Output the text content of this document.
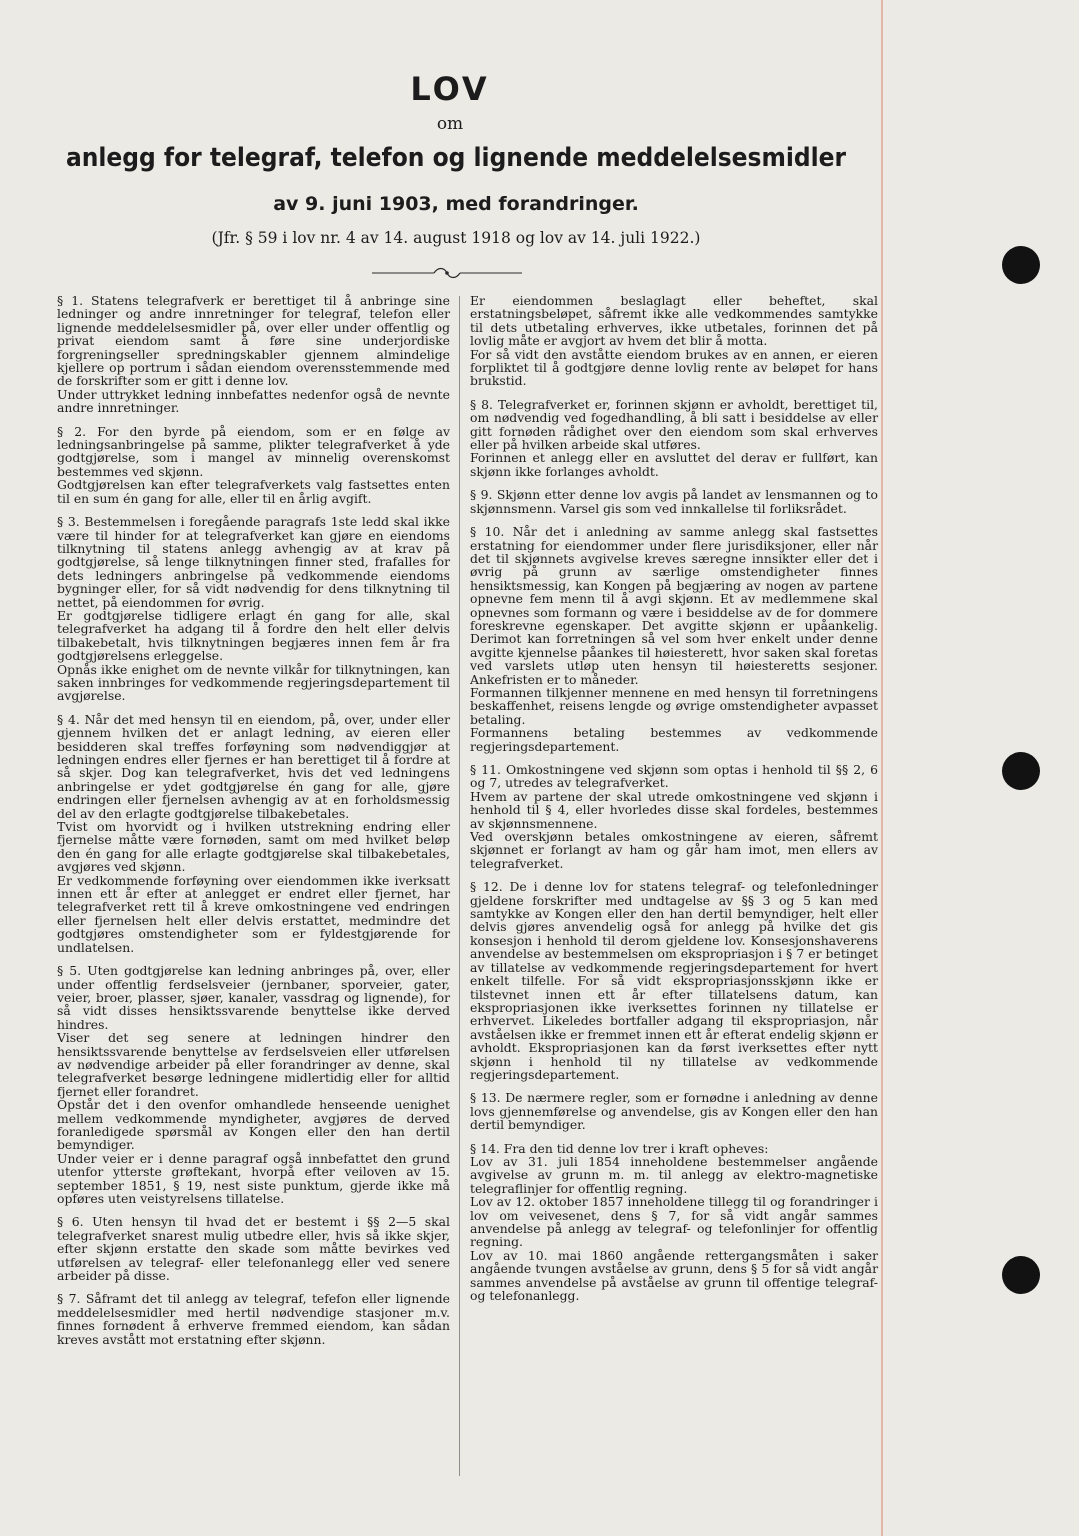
LOV
om
anlegg for telegraf, telefon og lignende meddelelsesmidler
av 9. juni 1903, med forandringer.
(Jfr. § 59 i lov nr. 4 av 14. august 1918 og lov av 14. juli 1922.)

§ 1. Statens telegrafverk er berettiget til å anbringe sine ledninger og andre innretninger for telegraf, telefon eller lignende meddelelsesmidler på, over eller under offentlig og privat eiendom samt å føre sine underjordiske forgreningseller spredningskabler gjennem almindelige kjellere op portrum i sådan eiendom overensstemmende med de forskrifter som er gitt i denne lov.

Under uttrykket ledning innbefattes nedenfor også de nevnte andre innretninger.

§ 2. For den byrde på eiendom, som er en følge av ledningsanbringelse på samme, plikter telegrafverket å yde godtgjørelse, som i mangel av minnelig overenskomst bestemmes ved skjønn.

Godtgjørelsen kan efter telegrafverkets valg fastsettes enten til en sum én gang for alle, eller til en årlig avgift.

§ 3. Bestemmelsen i foregående paragrafs 1ste ledd skal ikke være til hinder for at telegrafverket kan gjøre en eiendoms tilknytning til statens anlegg avhengig av at krav på godtgjørelse, så lenge tilknytningen finner sted, frafalles for dets ledningers anbringelse på vedkommende eiendoms bygninger eller, for så vidt nødvendig for dens tilknytning til nettet, på eiendommen for øvrig.

Er godtgjørelse tidligere erlagt én gang for alle, skal telegrafverket ha adgang til å fordre den helt eller delvis tilbakebetalt, hvis tilknytningen begjæres innen fem år fra godtgjørelsens erleggelse.

Opnås ikke enighet om de nevnte vilkår for tilknytningen, kan saken innbringes for vedkommende regjeringsdepartement til avgjørelse.

§ 4. Når det med hensyn til en eiendom, på, over, under eller gjennem hvilken det er anlagt ledning, av eieren eller besidderen skal treffes forføyning som nødvendiggjør at ledningen endres eller fjernes er han berettiget til å fordre at så skjer. Dog kan telegrafverket, hvis det ved ledningens anbringelse er ydet godtgjørelse én gang for alle, gjøre endringen eller fjernelsen avhengig av at en forholdsmessig del av den erlagte godtgjørelse tilbakebetales.

Tvist om hvorvidt og i hvilken utstrekning endring eller fjernelse måtte være fornøden, samt om med hvilket beløp den én gang for alle erlagte godtgjørelse skal tilbakebetales, avgjøres ved skjønn.

Er vedkommende forføyning over eiendommen ikke iverksatt innen ett år efter at anlegget er endret eller fjernet, har telegrafverket rett til å kreve omkostningene ved endringen eller fjernelsen helt eller delvis erstattet, medmindre det godtgjøres omstendigheter som er fyldestgjørende for undlatelsen.

§ 5. Uten godtgjørelse kan ledning anbringes på, over, eller under offentlig ferdselsveier (jernbaner, sporveier, gater, veier, broer, plasser, sjøer, kanaler, vassdrag og lignende), for så vidt disses hensiktssvarende benyttelse ikke derved hindres.

Viser det seg senere at ledningen hindrer den hensiktssvarende benyttelse av ferdselsveien eller utførelsen av nødvendige arbeider på eller forandringer av denne, skal telegrafverket besørge ledningene midlertidig eller for alltid fjernet eller forandret.

Opstår det i den ovenfor omhandlede henseende uenighet mellem vedkommende myndigheter, avgjøres de derved foranledigede spørsmål av Kongen eller den han dertil bemyndiger.

Under veier er i denne paragraf også innbefattet den grund utenfor ytterste grøftekant, hvorpå efter veiloven av 15. september 1851, § 19, nest siste punktum, gjerde ikke må opføres uten veistyrelsens tillatelse.

§ 6. Uten hensyn til hvad det er bestemt i §§ 2—5 skal telegrafverket snarest mulig utbedre eller, hvis så ikke skjer, efter skjønn erstatte den skade som måtte bevirkes ved utførelsen av telegraf- eller telefonanlegg eller ved senere arbeider på disse.

§ 7. Såframt det til anlegg av telegraf, tefefon eller lignende meddelelsesmidler med hertil nødvendige stasjoner m.v. finnes fornødent å erhverve fremmed eiendom, kan sådan kreves avstått mot erstatning efter skjønn.

Er eiendommen beslaglagt eller beheftet, skal erstatningsbeløpet, såfremt ikke alle vedkommendes samtykke til dets utbetaling erhverves, ikke utbetales, forinnen det på lovlig måte er avgjort av hvem det blir å motta.

For så vidt den avståtte eiendom brukes av en annen, er eieren forpliktet til å godtgjøre denne lovlig rente av beløpet for hans brukstid.

§ 8. Telegrafverket er, forinnen skjønn er avholdt, berettiget til, om nødvendig ved fogedhandling, å bli satt i besiddelse av eller gitt fornøden rådighet over den eiendom som skal erhverves eller på hvilken arbeide skal utføres.

Forinnen et anlegg eller en avsluttet del derav er fullført, kan skjønn ikke forlanges avholdt.

§ 9. Skjønn etter denne lov avgis på landet av lensmannen og to skjønnsmenn. Varsel gis som ved innkallelse til forliksrådet.

§ 10. Når det i anledning av samme anlegg skal fastsettes erstatning for eiendommer under flere jurisdiksjoner, eller når det til skjønnets avgivelse kreves særegne innsikter eller det i øvrig på grunn av særlige omstendigheter finnes hensiktsmessig, kan Kongen på begjæring av nogen av partene opnevne fem menn til å avgi skjønn. Et av medlemmene skal opnevnes som formann og være i besiddelse av de for dommere foreskrevne egenskaper. Det avgitte skjønn er upåankelig. Derimot kan forretningen så vel som hver enkelt under denne avgitte kjennelse påankes til høiesterett, hvor saken skal foretas ved varslets utløp uten hensyn til høiesteretts sesjoner. Ankefristen er to måneder.

Formannen tilkjenner mennene en med hensyn til forretningens beskaffenhet, reisens lengde og øvrige omstendigheter avpasset betaling.

Formannens betaling bestemmes av vedkommende regjeringsdepartement.

§ 11. Omkostningene ved skjønn som optas i henhold til §§ 2, 6 og 7, utredes av telegrafverket.

Hvem av partene der skal utrede omkostningene ved skjønn i henhold til § 4, eller hvorledes disse skal fordeles, bestemmes av skjønnsmennene.

Ved overskjønn betales omkostningene av eieren, såfremt skjønnet er forlangt av ham og går ham imot, men ellers av telegrafverket.

§ 12. De i denne lov for statens telegraf- og telefonledninger gjeldene forskrifter med undtagelse av §§ 3 og 5 kan med samtykke av Kongen eller den han dertil bemyndiger, helt eller delvis gjøres anvendelig også for anlegg på hvilke det gis konsesjon i henhold til derom gjeldene lov. Konsesjonshaverens anvendelse av bestemmelsen om ekspropriasjon i § 7 er betinget av tillatelse av vedkommende regjeringsdepartement for hvert enkelt tilfelle. For så vidt ekspropriasjonsskjønn ikke er tilstevnet innen ett år efter tillatelsens datum, kan ekspropriasjonen ikke iverksettes forinnen ny tillatelse er erhvervet. Likeledes bortfaller adgang til ekspropriasjon, når avståelsen ikke er fremmet innen ett år efterat endelig skjønn er avholdt. Ekspropriasjonen kan da først iverksettes efter nytt skjønn i henhold til ny tillatelse av vedkommende regjeringsdepartement.

§ 13. De nærmere regler, som er fornødne i anledning av denne lovs gjennemførelse og anvendelse, gis av Kongen eller den han dertil bemyndiger.

§ 14. Fra den tid denne lov trer i kraft opheves:

Lov av 31. juli 1854 inneholdene bestemmelser angående avgivelse av grunn m. m. til anlegg av elektro-magnetiske telegraflinjer for offentlig regning.

Lov av 12. oktober 1857 inneholdene tillegg til og forandringer i lov om veivesenet, dens § 7, for så vidt angår sammes anvendelse på anlegg av telegraf- og telefonlinjer for offentlig regning.

Lov av 10. mai 1860 angående rettergangsmåten i saker angående tvungen avståelse av grunn, dens § 5 for så vidt angår sammes anvendelse på avståelse av grunn til offentige telegraf- og telefonanlegg.
